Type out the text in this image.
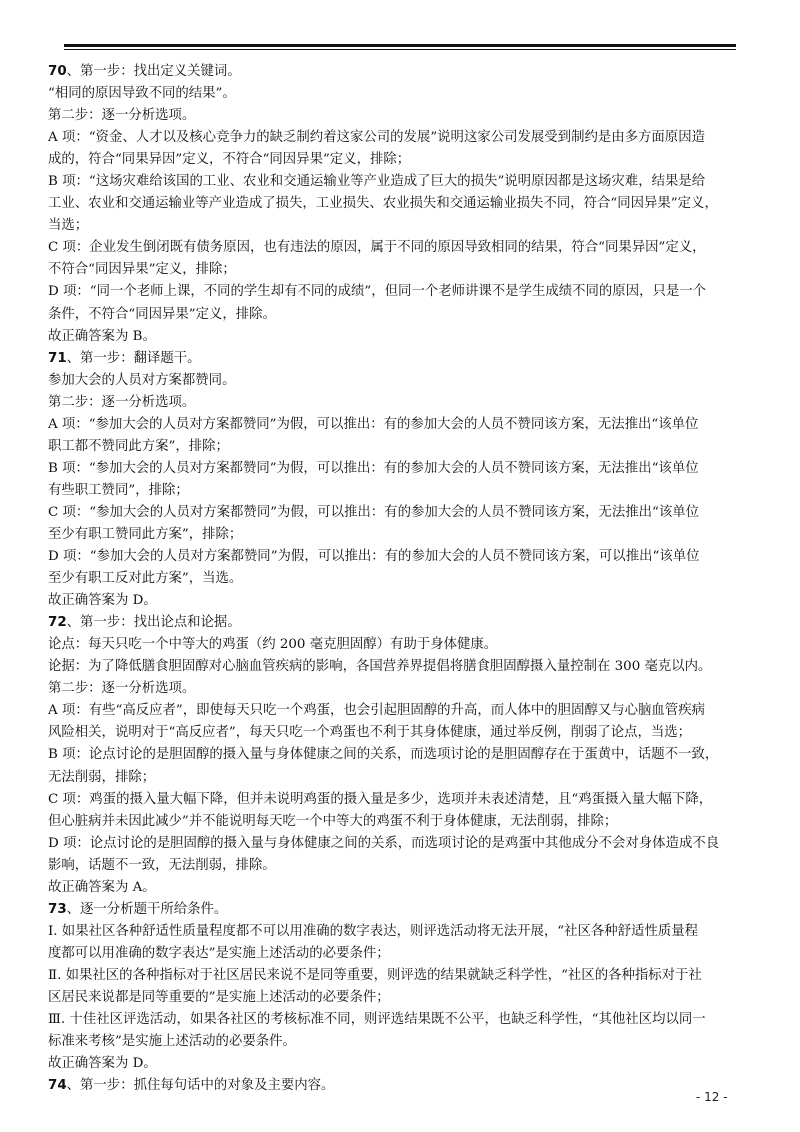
70、第一步：找出定义关键词。
“相同的原因导致不同的结果”。
第二步：逐一分析选项。
A 项：“资金、人才以及核心竞争力的缺乏制约着这家公司的发展”说明这家公司发展受到制约是由多方面原因造
成的，符合“同果异因”定义，不符合“同因异果”定义，排除；
B 项：“这场灾难给该国的工业、农业和交通运输业等产业造成了巨大的损失”说明原因都是这场灾难，结果是给
工业、农业和交通运输业等产业造成了损失，工业损失、农业损失和交通运输业损失不同，符合“同因异果”定义，
当选；
C 项：企业发生倒闭既有债务原因，也有违法的原因，属于不同的原因导致相同的结果，符合“同果异因”定义，
不符合“同因异果”定义，排除；
D 项：“同一个老师上课，不同的学生却有不同的成绩”，但同一个老师讲课不是学生成绩不同的原因，只是一个
条件，不符合“同因异果”定义，排除。
故正确答案为 B。
71、第一步：翻译题干。
参加大会的人员对方案都赞同。
第二步：逐一分析选项。
A 项：“参加大会的人员对方案都赞同”为假，可以推出：有的参加大会的人员不赞同该方案，无法推出“该单位
职工都不赞同此方案”，排除；
B 项：“参加大会的人员对方案都赞同”为假，可以推出：有的参加大会的人员不赞同该方案，无法推出“该单位
有些职工赞同”，排除；
C 项：“参加大会的人员对方案都赞同”为假，可以推出：有的参加大会的人员不赞同该方案，无法推出“该单位
至少有职工赞同此方案”，排除；
D 项：“参加大会的人员对方案都赞同”为假，可以推出：有的参加大会的人员不赞同该方案，可以推出“该单位
至少有职工反对此方案”，当选。
故正确答案为 D。
72、第一步：找出论点和论据。
论点：每天只吃一个中等大的鸡蛋（约 200 毫克胆固醇）有助于身体健康。
论据：为了降低膳食胆固醇对心脑血管疾病的影响，各国营养界提倡将膳食胆固醇摄入量控制在 300 毫克以内。
第二步：逐一分析选项。
A 项：有些“高反应者”，即使每天只吃一个鸡蛋，也会引起胆固醇的升高，而人体中的胆固醇又与心脑血管疾病
风险相关，说明对于“高反应者”，每天只吃一个鸡蛋也不利于其身体健康，通过举反例，削弱了论点，当选；
B 项：论点讨论的是胆固醇的摄入量与身体健康之间的关系，而选项讨论的是胆固醇存在于蛋黄中，话题不一致，
无法削弱，排除；
C 项：鸡蛋的摄入量大幅下降，但并未说明鸡蛋的摄入量是多少，选项并未表述清楚，且“鸡蛋摄入量大幅下降，
但心脏病并未因此减少”并不能说明每天吃一个中等大的鸡蛋不利于身体健康，无法削弱，排除；
D 项：论点讨论的是胆固醇的摄入量与身体健康之间的关系，而选项讨论的是鸡蛋中其他成分不会对身体造成不良
影响，话题不一致，无法削弱，排除。
故正确答案为 A。
73、逐一分析题干所给条件。
Ⅰ. 如果社区各种舒适性质量程度都不可以用准确的数字表达，则评选活动将无法开展，“社区各种舒适性质量程
度都可以用准确的数字表达”是实施上述活动的必要条件；
Ⅱ. 如果社区的各种指标对于社区居民来说不是同等重要，则评选的结果就缺乏科学性，“社区的各种指标对于社
区居民来说都是同等重要的”是实施上述活动的必要条件；
Ⅲ. 十佳社区评选活动，如果各社区的考核标准不同，则评选结果既不公平，也缺乏科学性，“其他社区均以同一
标准来考核”是实施上述活动的必要条件。
故正确答案为 D。
74、第一步：抓住每句话中的对象及主要内容。
- 12 -
